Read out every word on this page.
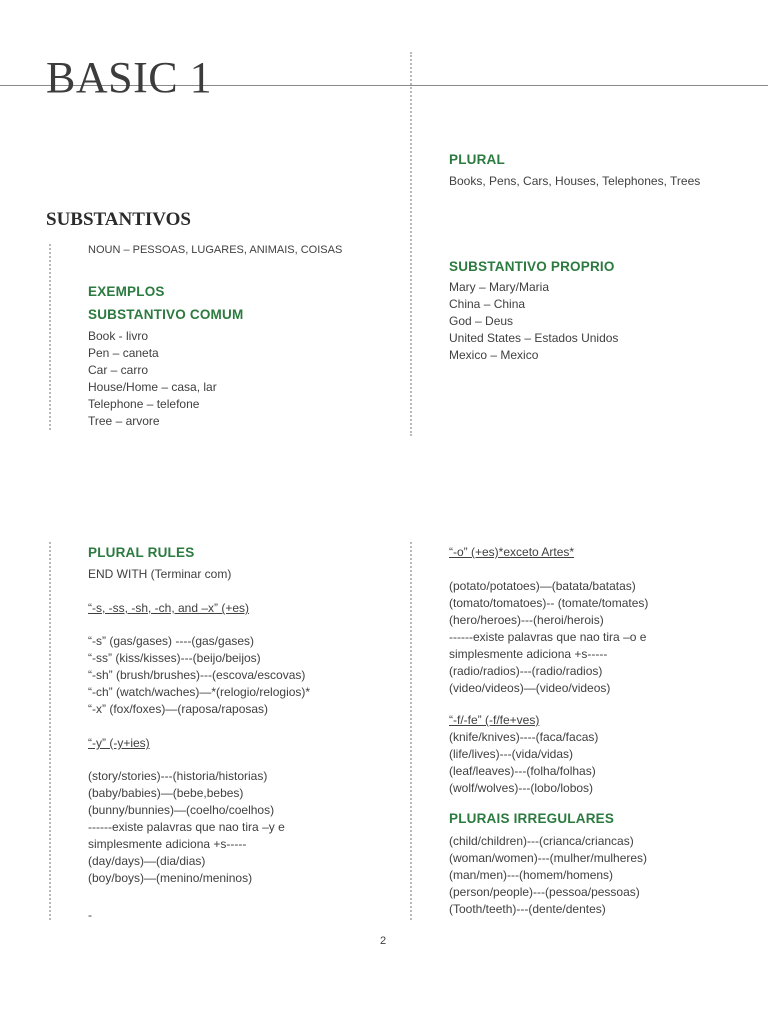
BASIC 1
PLURAL
Books, Pens, Cars, Houses, Telephones, Trees
SUBSTANTIVOS
NOUN – PESSOAS, LUGARES, ANIMAIS, COISAS
EXEMPLOS
SUBSTANTIVO COMUM
Book - livro
Pen – caneta
Car – carro
House/Home – casa, lar
Telephone – telefone
Tree – arvore
SUBSTANTIVO PROPRIO
Mary – Mary/Maria
China – China
God – Deus
United States – Estados Unidos
Mexico – Mexico
PLURAL RULES
END WITH (Terminar com)
“-s, -ss, -sh, -ch, and –x” (+es)
“-s” (gas/gases) ----(gas/gases)
“-ss” (kiss/kisses)---(beijo/beijos)
“-sh” (brush/brushes)---(escova/escovas)
“-ch” (watch/waches)—*(relogio/relogios)*
“-x” (fox/foxes)—(raposa/raposas)
“-y” (-y+ies)
(story/stories)---(historia/historias)
(baby/babies)—(bebe,bebes)
(bunny/bunnies)—(coelho/coelhos)
------existe palavras que nao tira –y e
simplesmente adiciona +s-----
(day/days)—(dia/dias)
(boy/boys)—(menino/meninos)
-
“-o” (+es)*exceto Artes*
(potato/potatoes)—(batata/batatas)
(tomato/tomatoes)-- (tomate/tomates)
(hero/heroes)---(heroi/herois)
------existe palavras que nao tira –o e
simplesmente adiciona +s-----
(radio/radios)---(radio/radios)
(video/videos)—(video/videos)
“-f/-fe” (-f/fe+ves)
(knife/knives)----(faca/facas)
(life/lives)---(vida/vidas)
(leaf/leaves)---(folha/folhas)
(wolf/wolves)---(lobo/lobos)
PLURAIS IRREGULARES
(child/children)---(crianca/criancas)
(woman/women)---(mulher/mulheres)
(man/men)---(homem/homens)
(person/people)---(pessoa/pessoas)
(Tooth/teeth)---(dente/dentes)
2
